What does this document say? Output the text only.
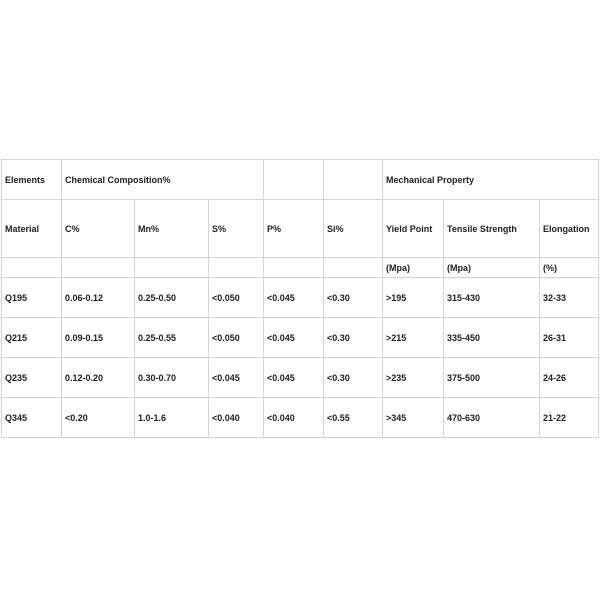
Elements	Chemical Composition%					Mechanical Property		
Material	C%	Mn%	S%	P%	Si%	Yield Point	Tensile Strength	Elongation
						(Mpa)	(Mpa)	(%)
Q195	0.06-0.12	0.25-0.50	<0.050	<0.045	<0.30	>195	315-430	32-33
Q215	0.09-0.15	0.25-0.55	<0.050	<0.045	<0.30	>215	335-450	26-31
Q235	0.12-0.20	0.30-0.70	<0.045	<0.045	<0.30	>235	375-500	24-26
Q345	<0.20	1.0-1.6	<0.040	<0.040	<0.55	>345	470-630	21-22
